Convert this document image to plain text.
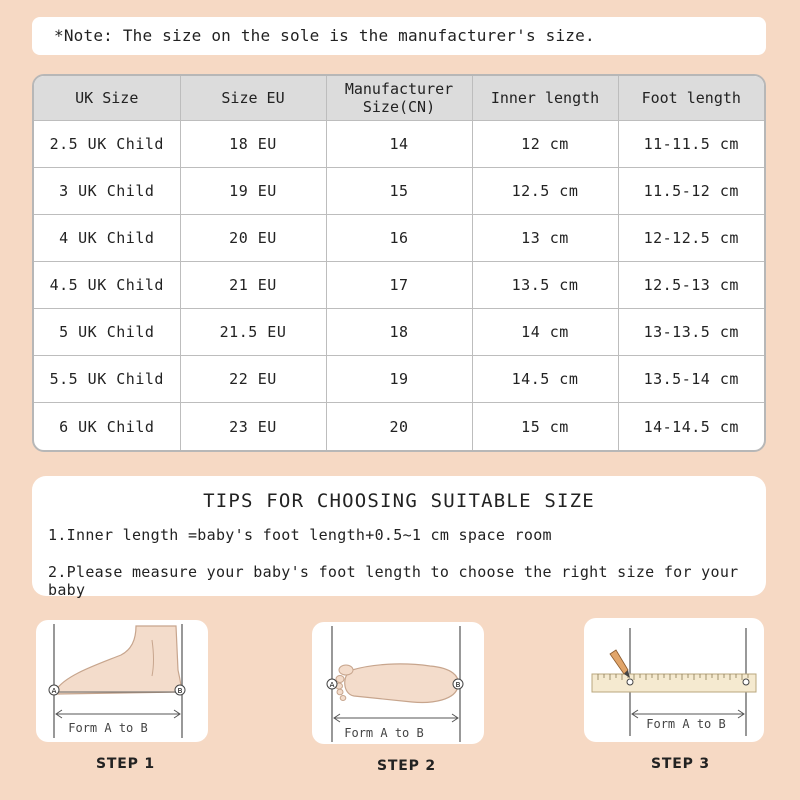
*Note: The size on the sole is the manufacturer's size.
UK Size	Size EU	Manufacturer Size(CN)	Inner length	Foot length
2.5 UK Child	18 EU	14	12 cm	11-11.5 cm
3 UK Child	19 EU	15	12.5 cm	11.5-12 cm
4 UK Child	20 EU	16	13 cm	12-12.5 cm
4.5 UK Child	21 EU	17	13.5 cm	12.5-13 cm
5 UK Child	21.5 EU	18	14 cm	13-13.5 cm
5.5 UK Child	22 EU	19	14.5 cm	13.5-14 cm
6 UK Child	23 EU	20	15 cm	14-14.5 cm
TIPS FOR CHOOSING SUITABLE SIZE
1.Inner length =baby's foot length+0.5~1 cm space room
2.Please measure your baby's foot length to choose the right size for your baby
A	B
Form A to B
A	B
Form A to B
Form A to B
STEP 1	STEP 2	STEP 3
